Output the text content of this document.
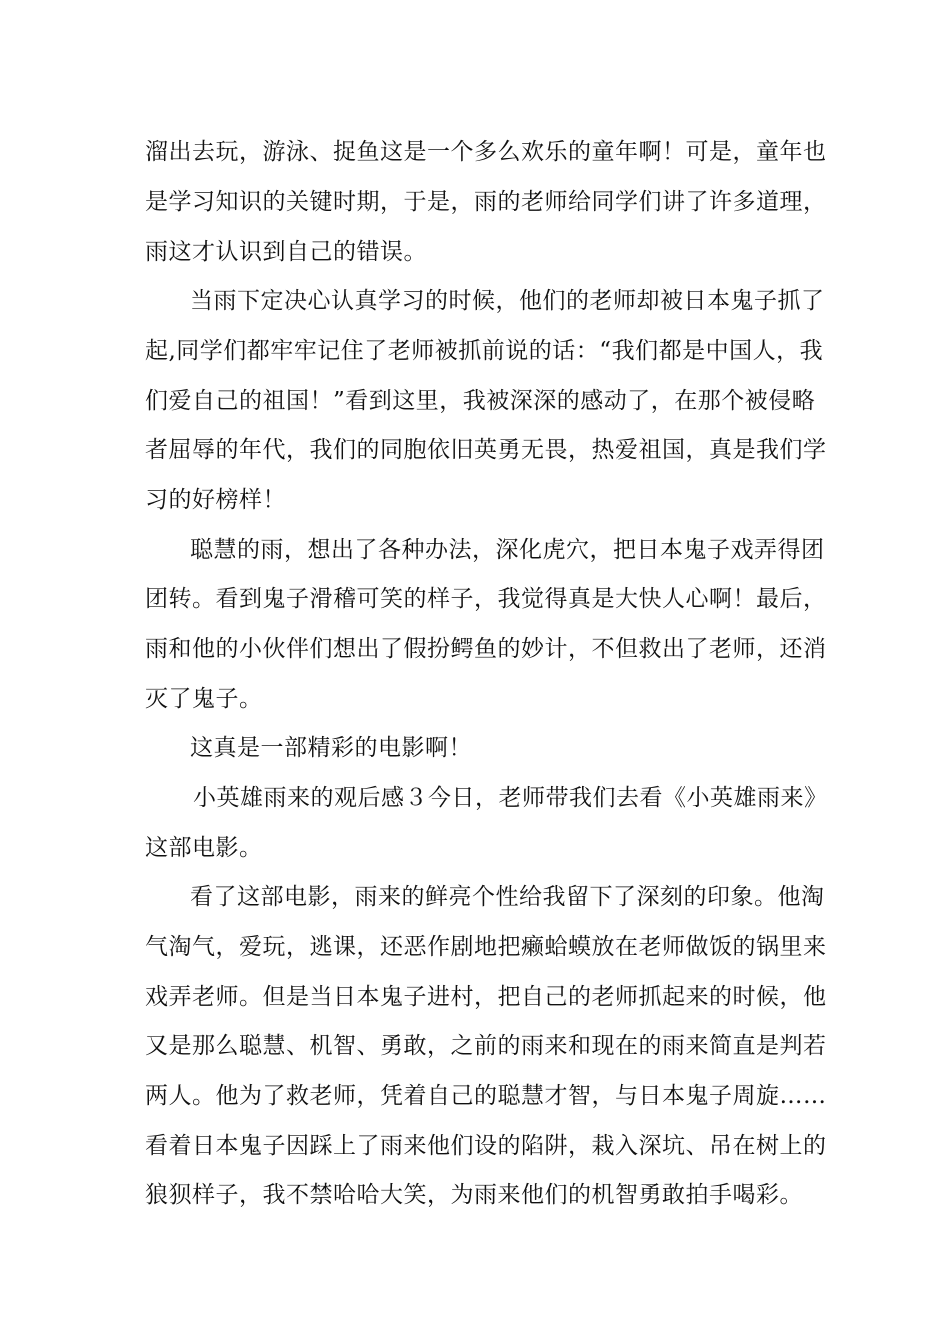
溜出去玩，游泳、捉鱼这是一个多么欢乐的童年啊！可是，童年也
是学习知识的关键时期，于是，雨的老师给同学们讲了许多道理，
雨这才认识到自己的错误。
当雨下定决心认真学习的时候，他们的老师却被日本鬼子抓了
起,同学们都牢牢记住了老师被抓前说的话：“我们都是中国人，我
们爱自己的祖国！”看到这里，我被深深的感动了，在那个被侵略
者屈辱的年代，我们的同胞依旧英勇无畏，热爱祖国，真是我们学
习的好榜样！
聪慧的雨，想出了各种办法，深化虎穴，把日本鬼子戏弄得团
团转。看到鬼子滑稽可笑的样子，我觉得真是大快人心啊！最后，
雨和他的小伙伴们想出了假扮鳄鱼的妙计，不但救出了老师，还消
灭了鬼子。
这真是一部精彩的电影啊！
小英雄雨来的观后感３今日，老师带我们去看《小英雄雨来》
这部电影。
看了这部电影，雨来的鲜亮个性给我留下了深刻的印象。他淘
气淘气，爱玩，逃课，还恶作剧地把癞蛤蟆放在老师做饭的锅里来
戏弄老师。但是当日本鬼子进村，把自己的老师抓起来的时候，他
又是那么聪慧、机智、勇敢，之前的雨来和现在的雨来简直是判若
两人。他为了救老师，凭着自己的聪慧才智，与日本鬼子周旋……
看着日本鬼子因踩上了雨来他们设的陷阱，栽入深坑、吊在树上的
狼狈样子，我不禁哈哈大笑，为雨来他们的机智勇敢拍手喝彩。
